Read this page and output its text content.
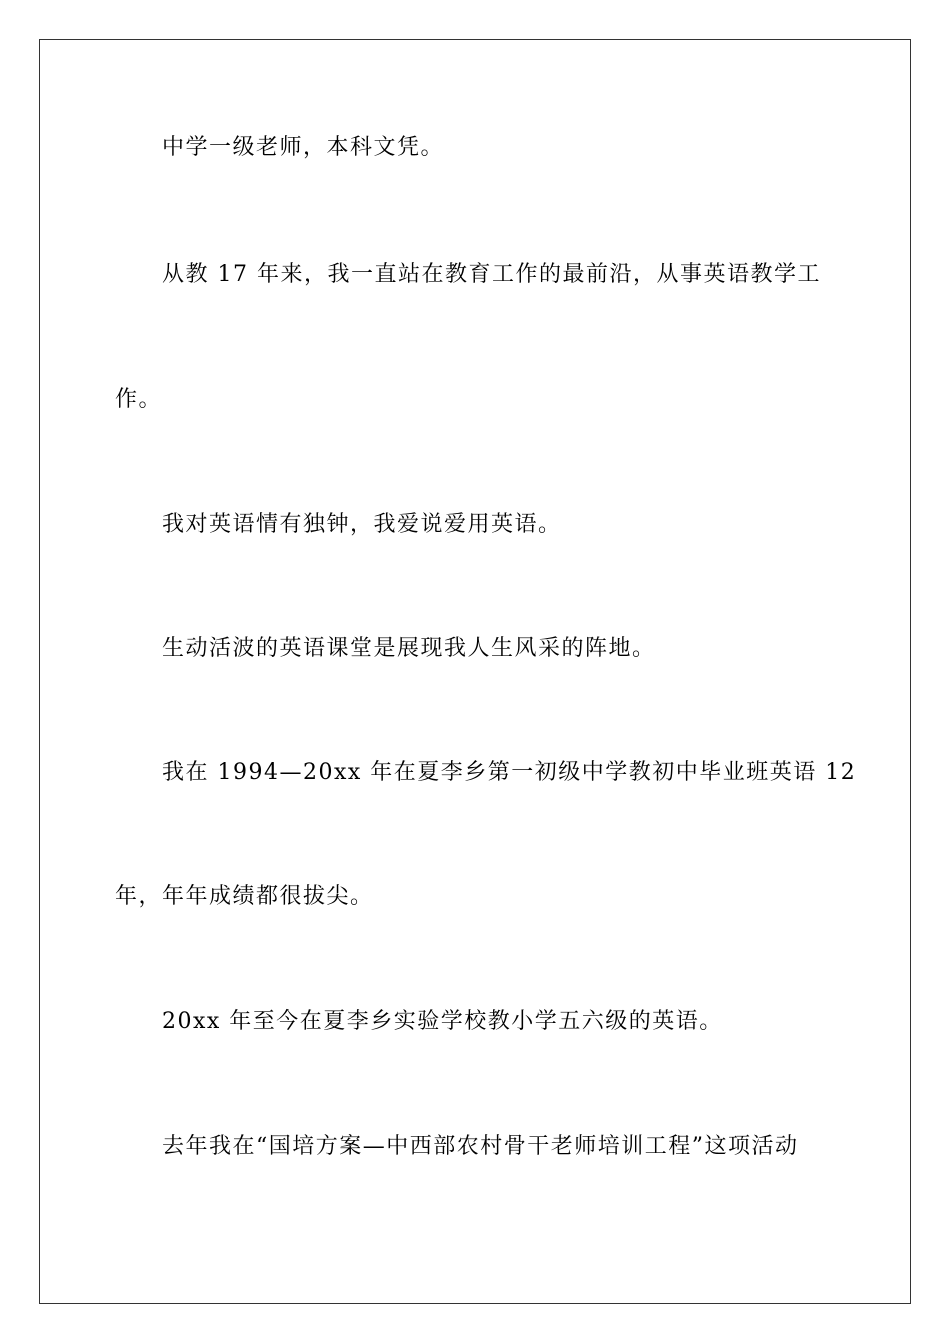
中学一级老师，本科文凭。
从教 17 年来，我一直站在教育工作的最前沿，从事英语教学工
作。
我对英语情有独钟，我爱说爱用英语。
生动活波的英语课堂是展现我人生风采的阵地。
我在 1994—20xx 年在夏李乡第一初级中学教初中毕业班英语 12
年，年年成绩都很拔尖。
20xx 年至今在夏李乡实验学校教小学五六级的英语。
去年我在“国培方案—中西部农村骨干老师培训工程”这项活动
